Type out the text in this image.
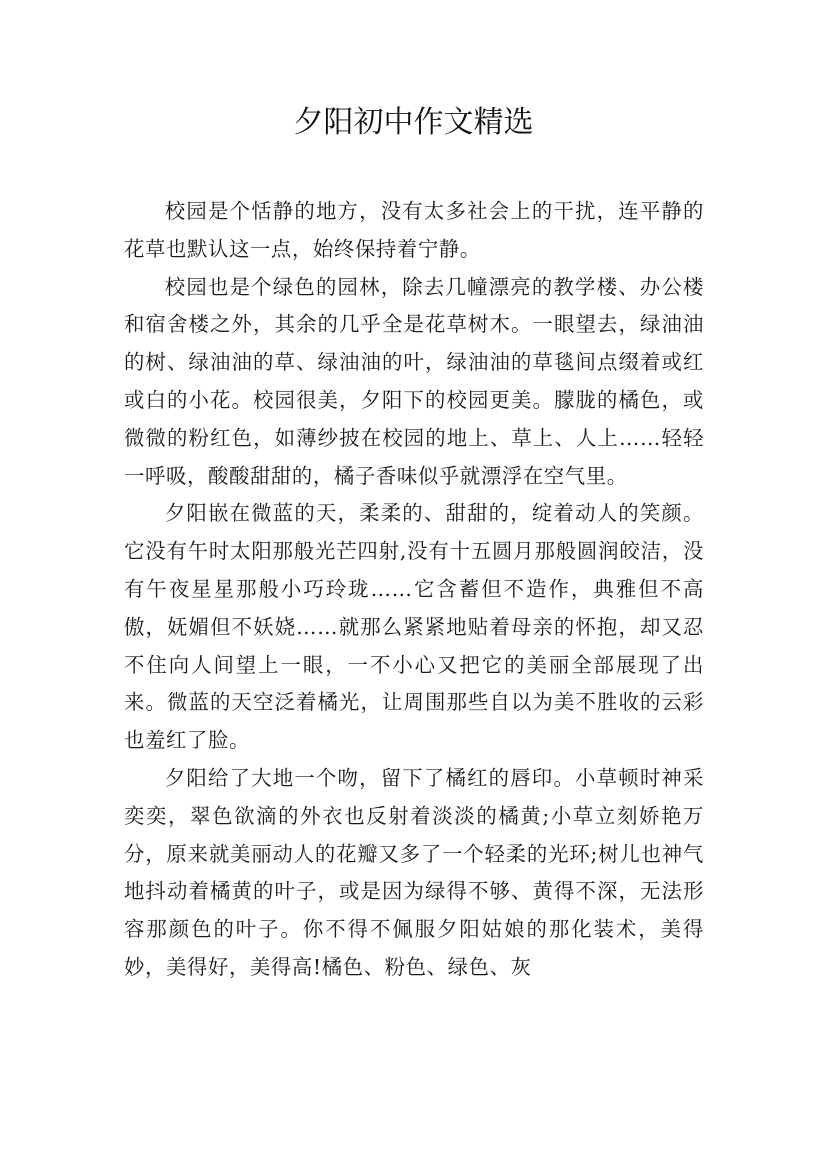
夕阳初中作文精选

校园是个恬静的地方，没有太多社会上的干扰，连平静的花草也默认这一点，始终保持着宁静。

校园也是个绿色的园林，除去几幢漂亮的教学楼、办公楼和宿舍楼之外，其余的几乎全是花草树木。一眼望去，绿油油的树、绿油油的草、绿油油的叶，绿油油的草毯间点缀着或红或白的小花。校园很美，夕阳下的校园更美。朦胧的橘色，或微微的粉红色，如薄纱披在校园的地上、草上、人上……轻轻一呼吸，酸酸甜甜的，橘子香味似乎就漂浮在空气里。

夕阳嵌在微蓝的天，柔柔的、甜甜的，绽着动人的笑颜。它没有午时太阳那般光芒四射,没有十五圆月那般圆润皎洁，没有午夜星星那般小巧玲珑……它含蓄但不造作，典雅但不高傲，妩媚但不妖娆……就那么紧紧地贴着母亲的怀抱，却又忍不住向人间望上一眼，一不小心又把它的美丽全部展现了出来。微蓝的天空泛着橘光，让周围那些自以为美不胜收的云彩也羞红了脸。

夕阳给了大地一个吻，留下了橘红的唇印。小草顿时神采奕奕，翠色欲滴的外衣也反射着淡淡的橘黄;小草立刻娇艳万分，原来就美丽动人的花瓣又多了一个轻柔的光环;树儿也神气地抖动着橘黄的叶子，或是因为绿得不够、黄得不深，无法形容那颜色的叶子。你不得不佩服夕阳姑娘的那化装术，美得妙，美得好，美得高!橘色、粉色、绿色、灰
